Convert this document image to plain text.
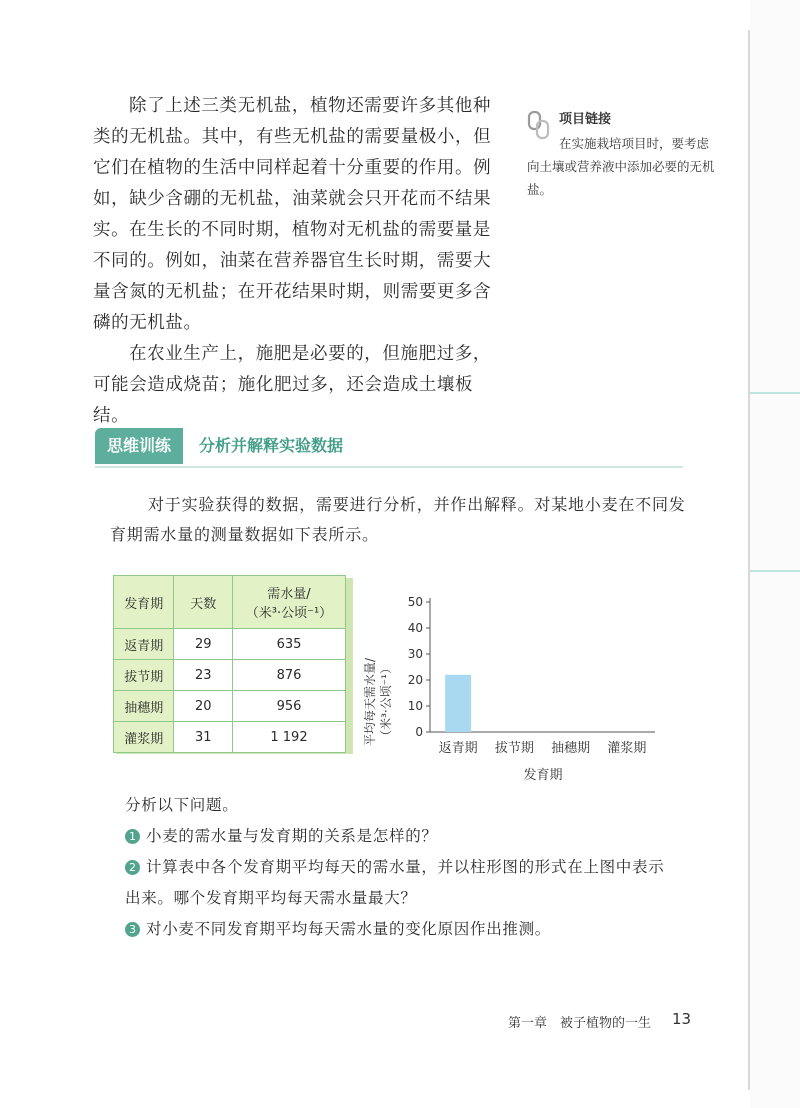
除了上述三类无机盐，植物还需要许多其他种类的无机盐。其中，有些无机盐的需要量极小，但它们在植物的生活中同样起着十分重要的作用。例如，缺少含硼的无机盐，油菜就会只开花而不结果实。 在生长的不同时期，植物对无机盐的需要量是不同的。例如，油菜在营养器官生长时期，需要大量含氮的无机盐；在开花结果时期，则需要更多含磷的无机盐。

在农业生产上，施肥是必要的，但施肥过多，可能会造成烧苗；施化肥过多，还会造成土壤板结。

项目链接
在实施栽培项目时，要考虑向土壤或营养液中添加必要的无机盐。
思维训练	分析并解释实验数据

对于实验获得的数据，需要进行分析，并作出解释。对某地小麦在不同发育期需水量的测量数据如下表所示。

发育期	天数	需水量/
（米³·公顷⁻¹）

返青期	29	635
拔节期	23	876
抽穗期	20	956
灌浆期	31	1 192	平均每天需水量/ （米³·公顷⁻¹）
发育期
0
10
20
30
40
50
返青期 拔节期 抽穗期 灌浆期

分析以下问题。

1 小麦的需水量与发育期的关系是怎样的？

2 计算表中各个发育期平均每天的需水量，并以柱形图的形式在上图中表示出来。哪个发育期平均每天需水量最大？

3 对小麦不同发育期平均每天需水量的变化原因作出推测。

第一章　被子植物的一生 13
